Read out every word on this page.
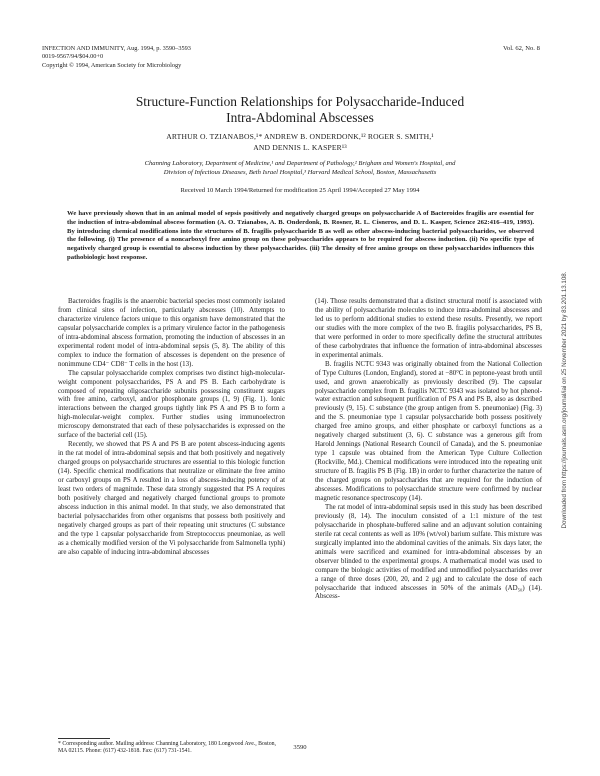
INFECTION AND IMMUNITY, Aug. 1994, p. 3590–3593
0019-9567/94/$04.00+0
Copyright © 1994, American Society for Microbiology
Vol. 62, No. 8
Structure-Function Relationships for Polysaccharide-Induced
Intra-Abdominal Abscesses
ARTHUR O. TZIANABOS,¹* ANDREW B. ONDERDONK,¹² ROGER S. SMITH,¹
AND DENNIS L. KASPER¹³
Channing Laboratory, Department of Medicine,¹ and Department of Pathology,² Brigham and Women's Hospital, and
Division of Infectious Diseases, Beth Israel Hospital,³ Harvard Medical School, Boston, Massachusetts
Received 10 March 1994/Returned for modification 25 April 1994/Accepted 27 May 1994

We have previously shown that in an animal model of sepsis positively and negatively charged groups on polysaccharide A of Bacteroides fragilis are essential for the induction of intra-abdominal abscess formation (A. O. Tzianabos, A. B. Onderdonk, B. Rosner, R. L. Cisneros, and D. L. Kasper, Science 262:416–419, 1993). By introducing chemical modifications into the structures of B. fragilis polysaccharide B as well as other abscess-inducing bacterial polysaccharides, we observed the following. (i) The presence of a noncarboxyl free amino group on these polysaccharides appears to be required for abscess induction. (ii) No specific type of negatively charged group is essential to abscess induction by these polysaccharides. (iii) The density of free amino groups on these polysaccharides influences this pathobiologic host response.

Bacteroides fragilis is the anaerobic bacterial species most commonly isolated from clinical sites of infection, particularly abscesses (10). Attempts to characterize virulence factors unique to this organism have demonstrated that the capsular polysaccharide complex is a primary virulence factor in the pathogenesis of intra-abdominal abscess formation, promoting the induction of abscesses in an experimental rodent model of intra-abdominal sepsis (5, 8). The ability of this complex to induce the formation of abscesses is dependent on the presence of nonimmune CD4⁻ CD8⁻ T cells in the host (13).

The capsular polysaccharide complex comprises two distinct high-molecular-weight component polysaccharides, PS A and PS B. Each carbohydrate is composed of repeating oligosaccharide subunits possessing constituent sugars with free amino, carboxyl, and/or phosphonate groups (1, 9) (Fig. 1). Ionic interactions between the charged groups tightly link PS A and PS B to form a high-molecular-weight complex. Further studies using immunoelectron microscopy demonstrated that each of these polysaccharides is expressed on the surface of the bacterial cell (15).

Recently, we showed that PS A and PS B are potent abscess-inducing agents in the rat model of intra-abdominal sepsis and that both positively and negatively charged groups on polysaccharide structures are essential to this biologic function (14). Specific chemical modifications that neutralize or eliminate the free amino or carboxyl groups on PS A resulted in a loss of abscess-inducing potency of at least two orders of magnitude. These data strongly suggested that PS A requires both positively charged and negatively charged functional groups to promote abscess induction in this animal model. In that study, we also demonstrated that bacterial polysaccharides from other organisms that possess both positively and negatively charged groups as part of their repeating unit structures (C substance and the type 1 capsular polysaccharide from Streptococcus pneumoniae, as well as a chemically modified version of the Vi polysaccharide from Salmonella typhi) are also capable of inducing intra-abdominal abscesses

(14). Those results demonstrated that a distinct structural motif is associated with the ability of polysaccharide molecules to induce intra-abdominal abscesses and led us to perform additional studies to extend these results. Presently, we report our studies with the more complex of the two B. fragilis polysaccharides, PS B, that were performed in order to more specifically define the structural attributes of these carbohydrates that influence the formation of intra-abdominal abscesses in experimental animals.

B. fragilis NCTC 9343 was originally obtained from the National Collection of Type Cultures (London, England), stored at −80°C in peptone-yeast broth until used, and grown anaerobically as previously described (9). The capsular polysaccharide complex from B. fragilis NCTC 9343 was isolated by hot phenol-water extraction and subsequent purification of PS A and PS B, also as described previously (9, 15). C substance (the group antigen from S. pneumoniae) (Fig. 3) and the S. pneumoniae type 1 capsular polysaccharide both possess positively charged free amino groups, and either phosphate or carboxyl functions as a negatively charged substituent (3, 6). C substance was a generous gift from Harold Jennings (National Research Council of Canada), and the S. pneumoniae type 1 capsule was obtained from the American Type Culture Collection (Rockville, Md.). Chemical modifications were introduced into the repeating unit structure of B. fragilis PS B (Fig. 1B) in order to further characterize the nature of the charged groups on polysaccharides that are required for the induction of abscesses. Modifications to polysaccharide structure were confirmed by nuclear magnetic resonance spectroscopy (14).

The rat model of intra-abdominal sepsis used in this study has been described previously (8, 14). The inoculum consisted of a 1:1 mixture of the test polysaccharide in phosphate-buffered saline and an adjuvant solution containing sterile rat cecal contents as well as 10% (wt/vol) barium sulfate. This mixture was surgically implanted into the abdominal cavities of the animals. Six days later, the animals were sacrificed and examined for intra-abdominal abscesses by an observer blinded to the experimental groups. A mathematical model was used to compare the biologic activities of modified and unmodified polysaccharides over a range of three doses (200, 20, and 2 μg) and to calculate the dose of each polysaccharide that induced abscesses in 50% of the animals (AD₅₀) (14). Abscess-

* Corresponding author. Mailing address: Channing Laboratory, 180 Longwood Ave., Boston, MA 02115. Phone: (617) 432-1818. Fax: (617) 731-1541.
3590
Downloaded from https://journals.asm.org/journal/iai on 25 November 2021 by 83.201.13.108.
